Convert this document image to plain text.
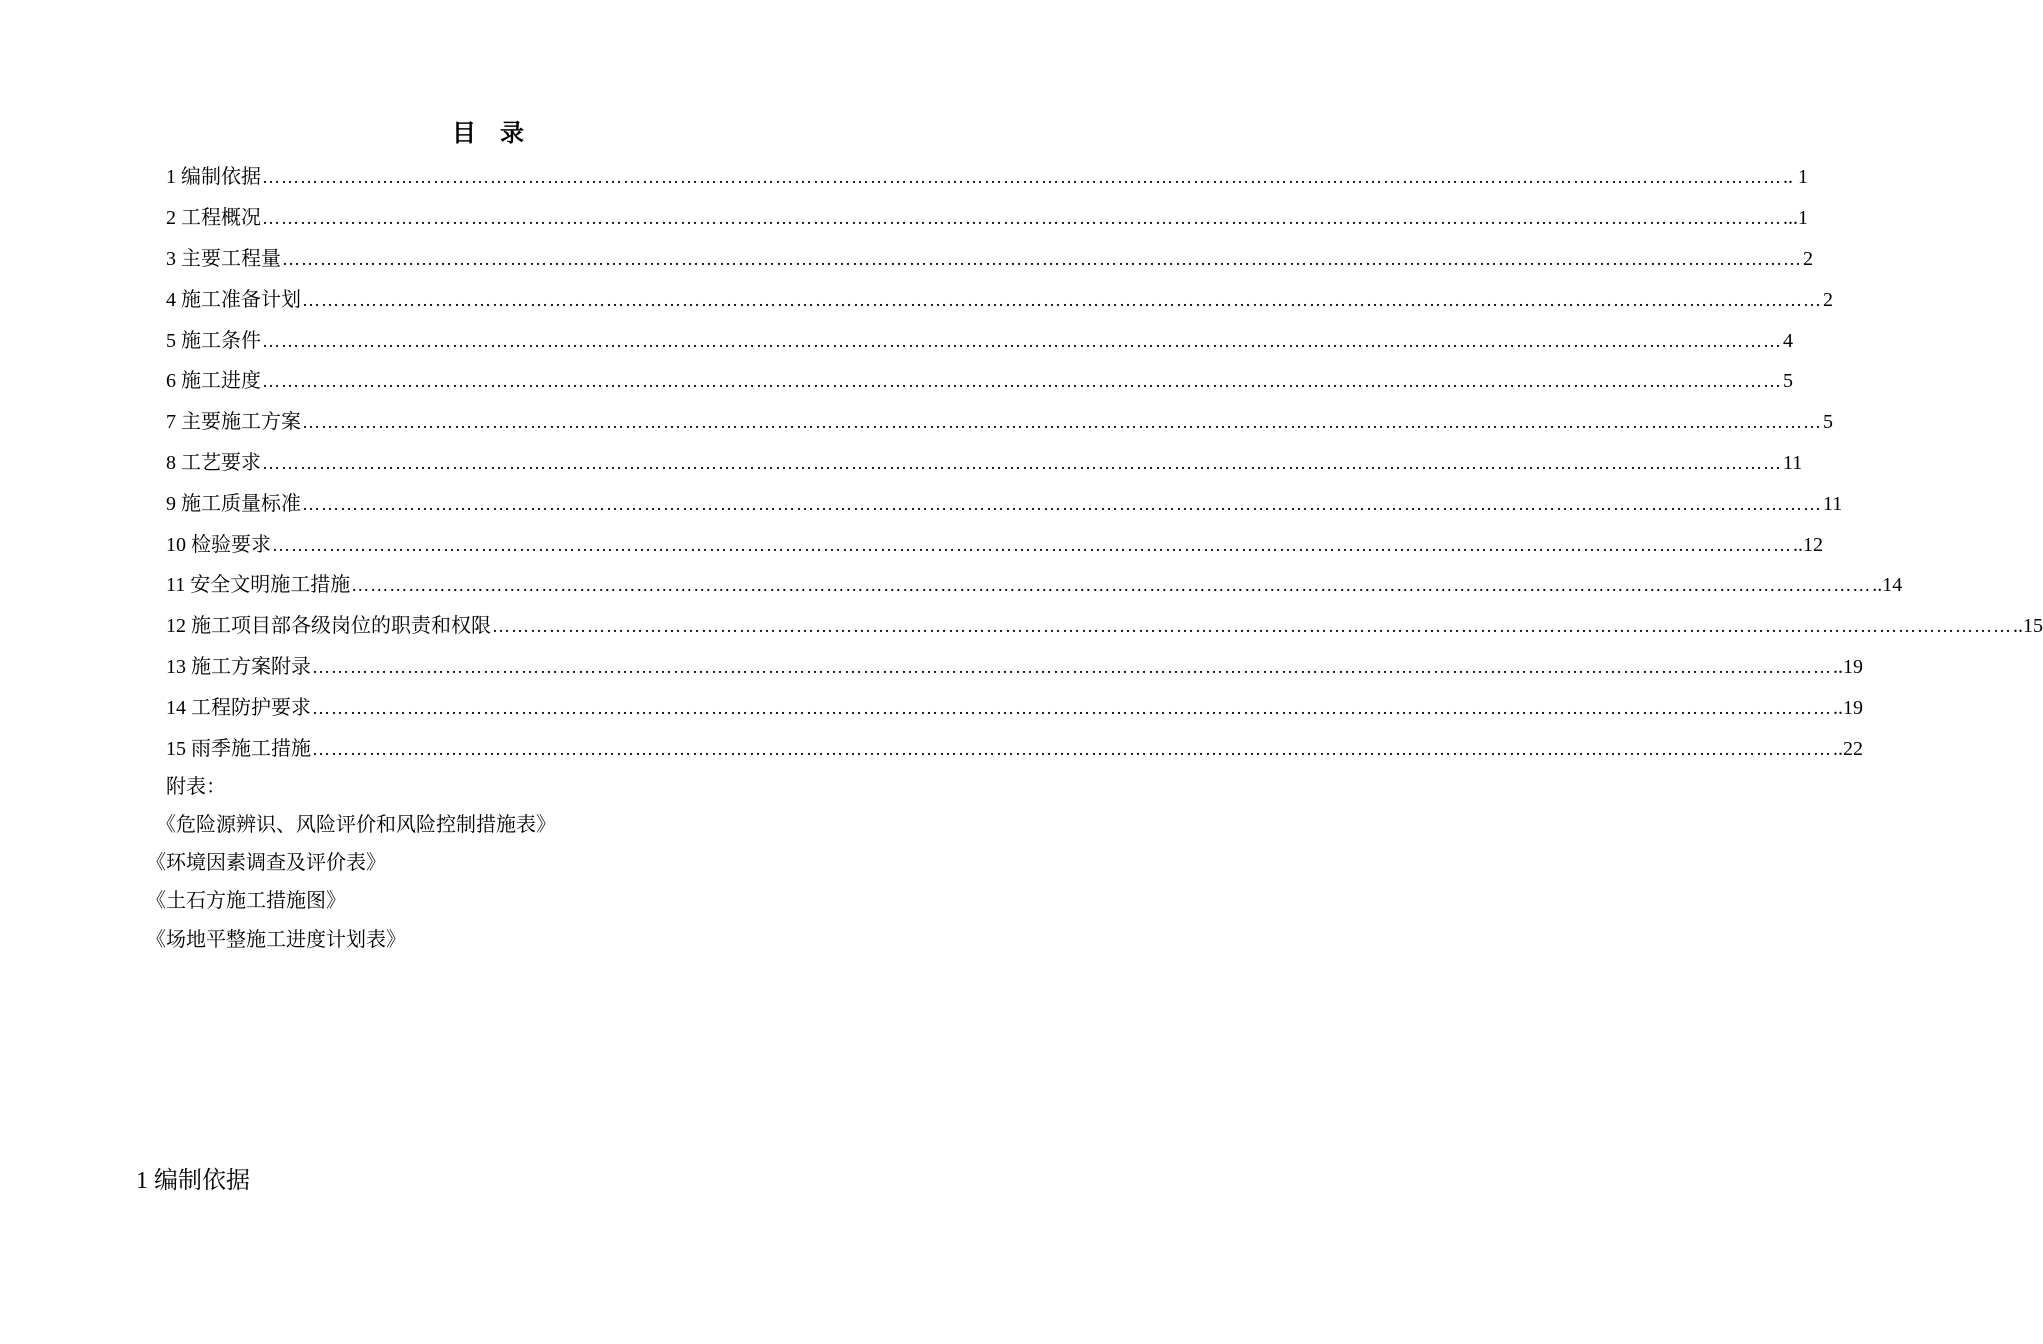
目 录
1 编制依据 …………………………………………………………………………………………………………………………………………………………………………………………………………………… .. 1
2 工程概况 …………………………………………………………………………………………………………………………………………………………………………………………………………………… ...1
3 主要工程量 …………………………………………………………………………………………………………………………………………………………………………………………………………………… 2
4 施工准备计划 …………………………………………………………………………………………………………………………………………………………………………………………………………………… 2
5 施工条件 …………………………………………………………………………………………………………………………………………………………………………………………………………………… 4
6 施工进度 …………………………………………………………………………………………………………………………………………………………………………………………………………………… 5
7 主要施工方案 …………………………………………………………………………………………………………………………………………………………………………………………………………………… 5
8 工艺要求 …………………………………………………………………………………………………………………………………………………………………………………………………………………… 11
9 施工质量标准 …………………………………………………………………………………………………………………………………………………………………………………………………………………… 11
10 检验要求 …………………………………………………………………………………………………………………………………………………………………………………………………………………… ..12
11 安全文明施工措施 …………………………………………………………………………………………………………………………………………………………………………………………………………………… ..14
12 施工项目部各级岗位的职责和权限 …………………………………………………………………………………………………………………………………………………………………………………………………………………… ..15
13 施工方案附录 …………………………………………………………………………………………………………………………………………………………………………………………………………………… ..19
14 工程防护要求 …………………………………………………………………………………………………………………………………………………………………………………………………………………… ..19
15 雨季施工措施 …………………………………………………………………………………………………………………………………………………………………………………………………………………… ..22
附表：
《危险源辨识、风险评价和风险控制措施表》
《环境因素调查及评价表》
《土石方施工措施图》
《场地平整施工进度计划表》
1 编制依据
